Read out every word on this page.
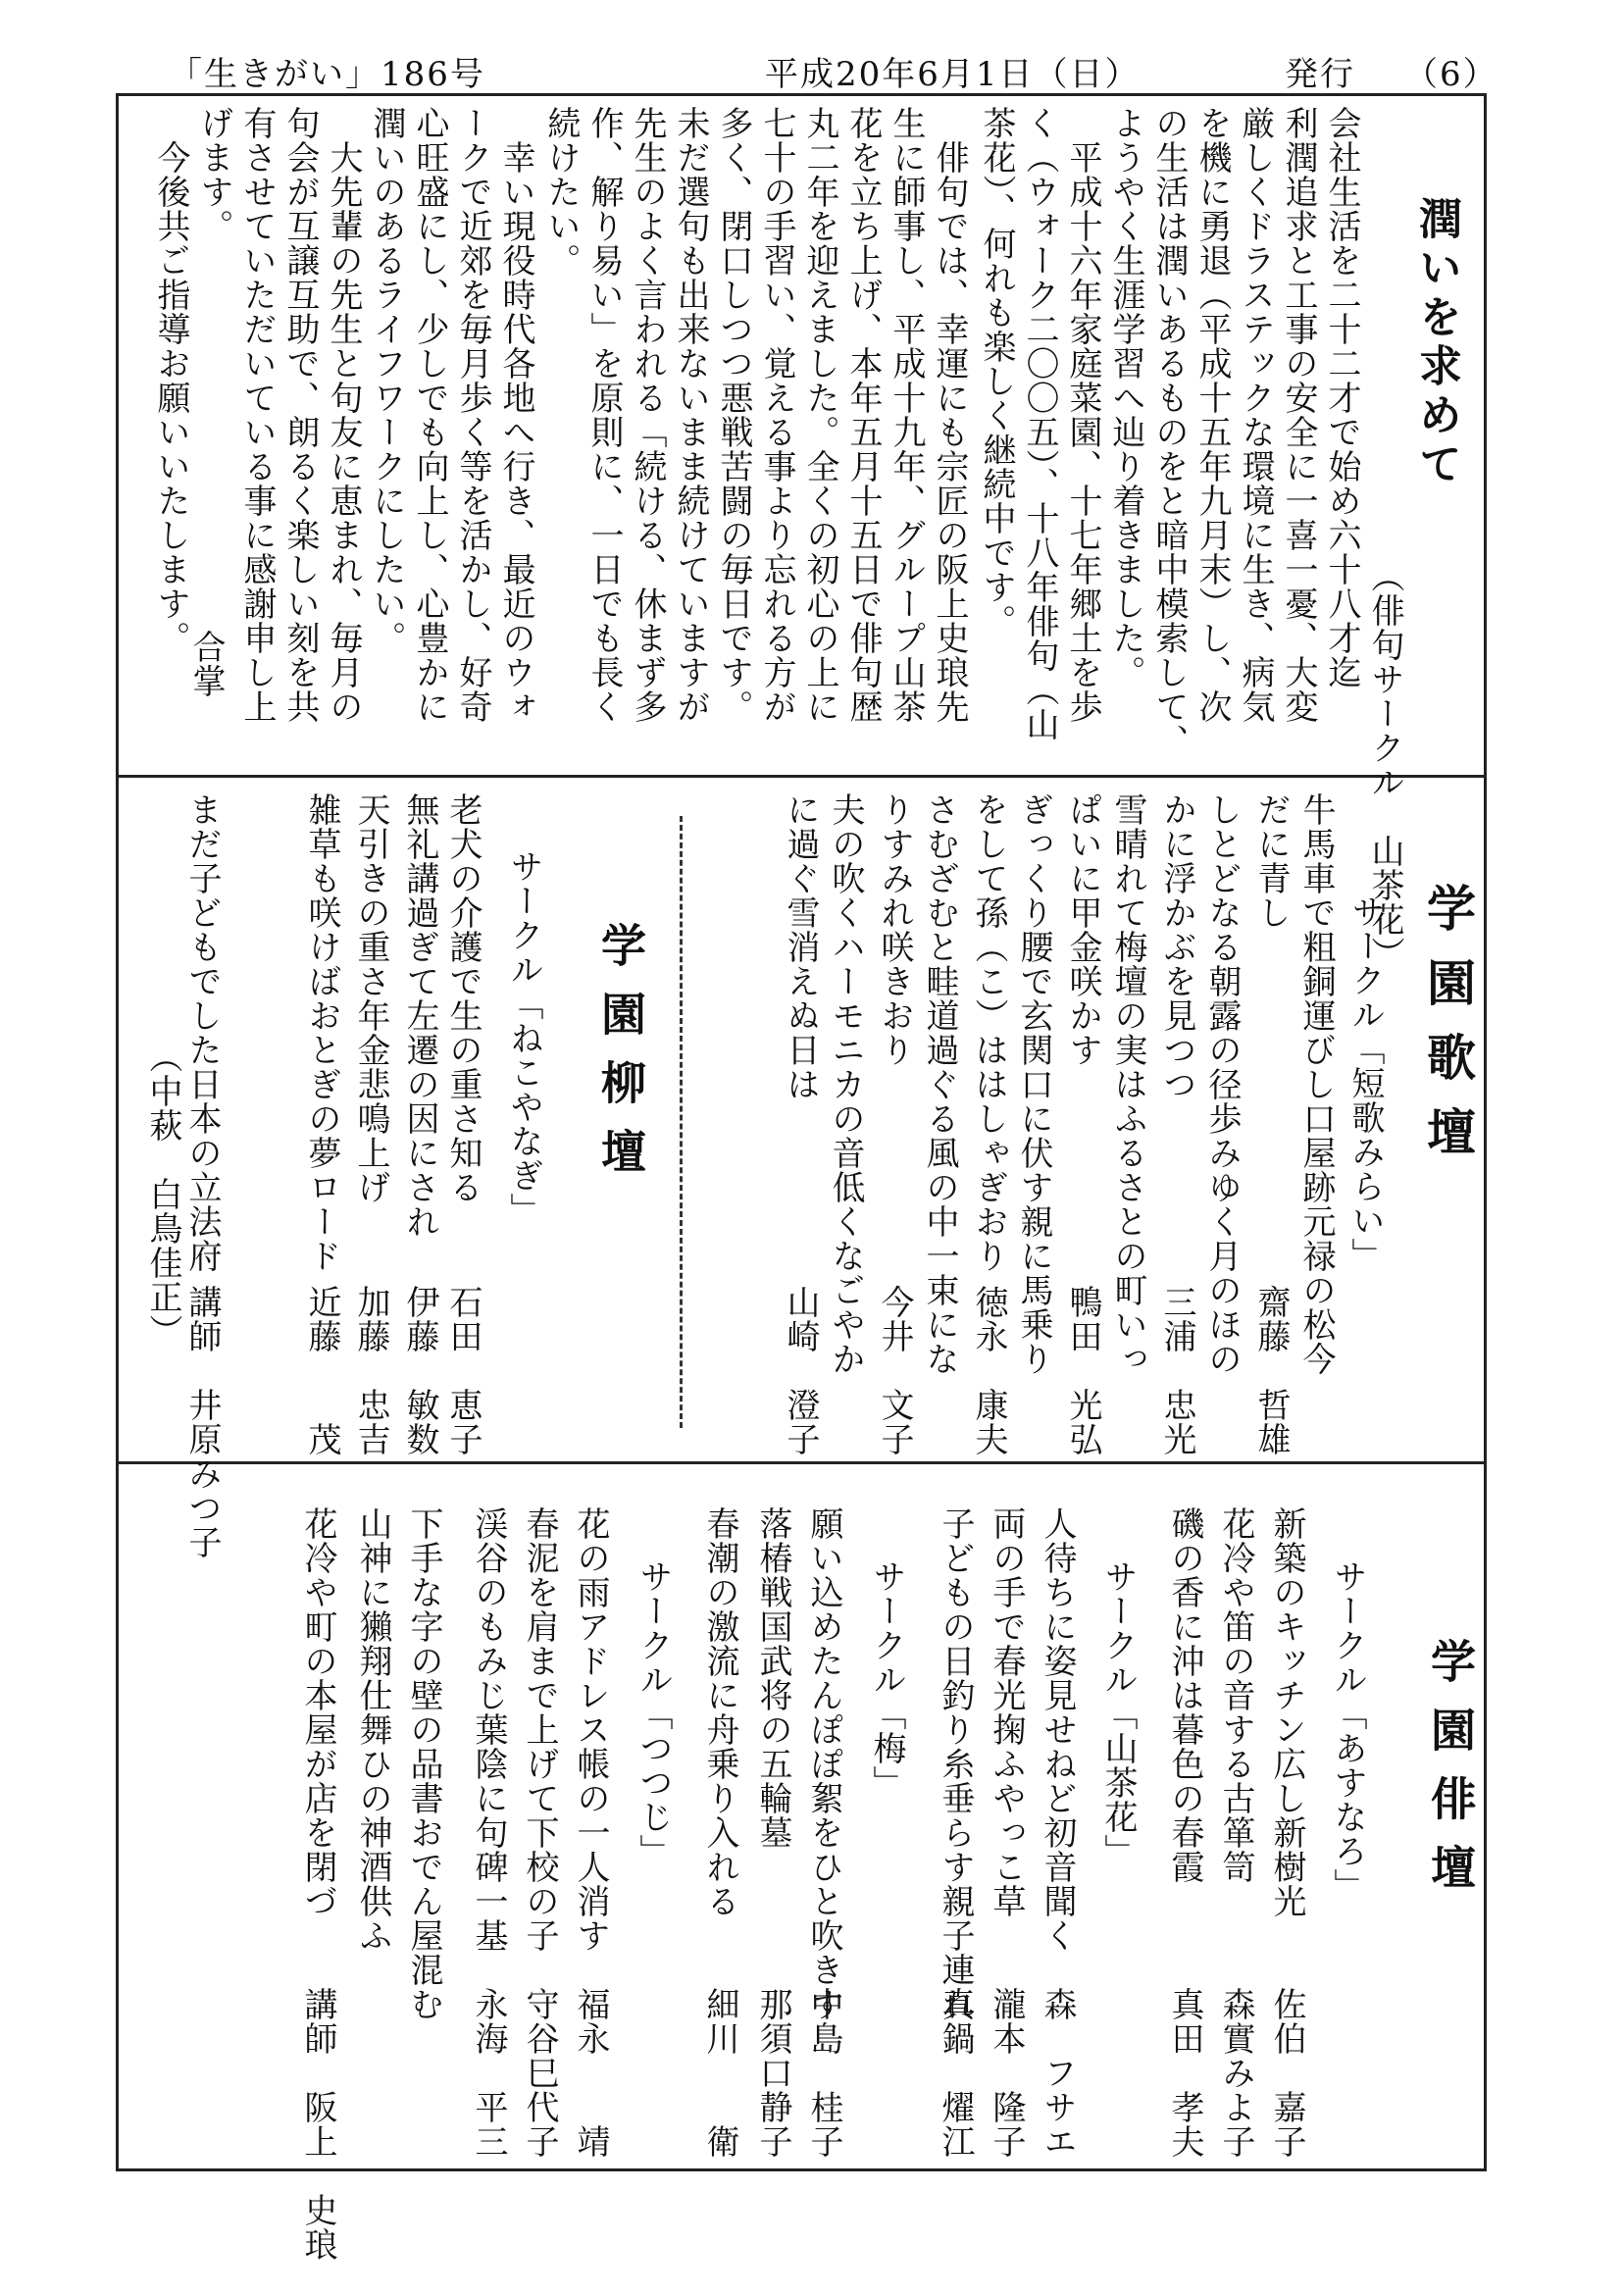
「生きがい」186号	平成20年6月1日（日）	発行 （6）
潤いを求めて
（俳句サークル　山茶花）
会社生活を二十二才で始め六十八才迄
利潤追求と工事の安全に一喜一憂、大変
厳しくドラステックな環境に生き、病気
を機に勇退（平成十五年九月末）し、次
の生活は潤いあるものをと暗中模索して、
ようやく生涯学習へ辿り着きました。
　平成十六年家庭菜園、十七年郷土を歩
く（ウォーク二〇〇五）、十八年俳句（山
茶花）、何れも楽しく継続中です。
　俳句では、幸運にも宗匠の阪上史琅先
生に師事し、平成十九年、グループ山茶
花を立ち上げ、本年五月十五日で俳句歴
丸二年を迎えました。全くの初心の上に
七十の手習い、覚える事より忘れる方が
多く、閉口しつつ悪戦苦闘の毎日です。
未だ選句も出来ないまま続けていますが
先生のよく言われる「続ける、休まず多
作、解り易い」を原則に、一日でも長く
続けたい。
　幸い現役時代各地へ行き、最近のウォ
ークで近郊を毎月歩く等を活かし、好奇
心旺盛にし、少しでも向上し、心豊かに
潤いのあるライフワークにしたい。
　大先輩の先生と句友に恵まれ、毎月の
句会が互譲互助で、朗るく楽しい刻を共
有させていただいている事に感謝申し上
げます。
　今後共ご指導お願いいたします。
合掌
（中萩　白鳥佳正）
学園歌壇
サークル「短歌みらい」
牛馬車で粗銅運びし口屋跡元禄の松今
だに青し
齋藤　哲雄
しとどなる朝露の径歩みゆく月のほの
かに浮かぶを見つつ
三浦　忠光
雪晴れて梅壇の実はふるさとの町いっ
ぱいに甲金咲かす
鴨田　光弘
ぎっくり腰で玄関口に伏す親に馬乗り
をして孫（こ）ははしゃぎおり
徳永　康夫
さむざむと畦道過ぐる風の中一束にな
りすみれ咲きおり
今井　文子
夫の吹くハーモニカの音低くなごやか
に過ぐ雪消えぬ日は
山崎　澄子
学園柳壇
サークル「ねこやなぎ」
老犬の介護で生の重さ知る
石田　恵子
無礼講過ぎて左遷の因にされ
伊藤　敏数
天引きの重さ年金悲鳴上げ
加藤　忠吉
雑草も咲けばおとぎの夢ロード
近藤　　茂
まだ子どもでした日本の立法府
講師　井原みつ子
学園俳壇
サークル「あすなろ」
新築のキッチン広し新樹光
佐伯　嘉子
花冷や笛の音する古箪笥
森實みよ子
磯の香に沖は暮色の春霞
真田　孝夫
サークル「山茶花」
人待ちに姿見せねど初音聞く
森　フサエ
両の手で春光掬ふやっこ草
瀧本　隆子
子どもの日釣り糸垂らす親子連れ
真鍋　燿江
サークル「梅」
願い込めたんぽぽ絮をひと吹きす
中島　桂子
落椿戦国武将の五輪墓
那須口静子
春潮の激流に舟乗り入れる
細川　　衛
サークル「つつじ」
花の雨アドレス帳の一人消す
福永　　靖
春泥を肩まで上げて下校の子
守谷巳代子
渓谷のもみじ葉陰に句碑一基
永海　平三
下手な字の壁の品書おでん屋混む
山神に獺翔仕舞ひの神酒供ふ
花冷や町の本屋が店を閉づ
講師　阪上　史琅
